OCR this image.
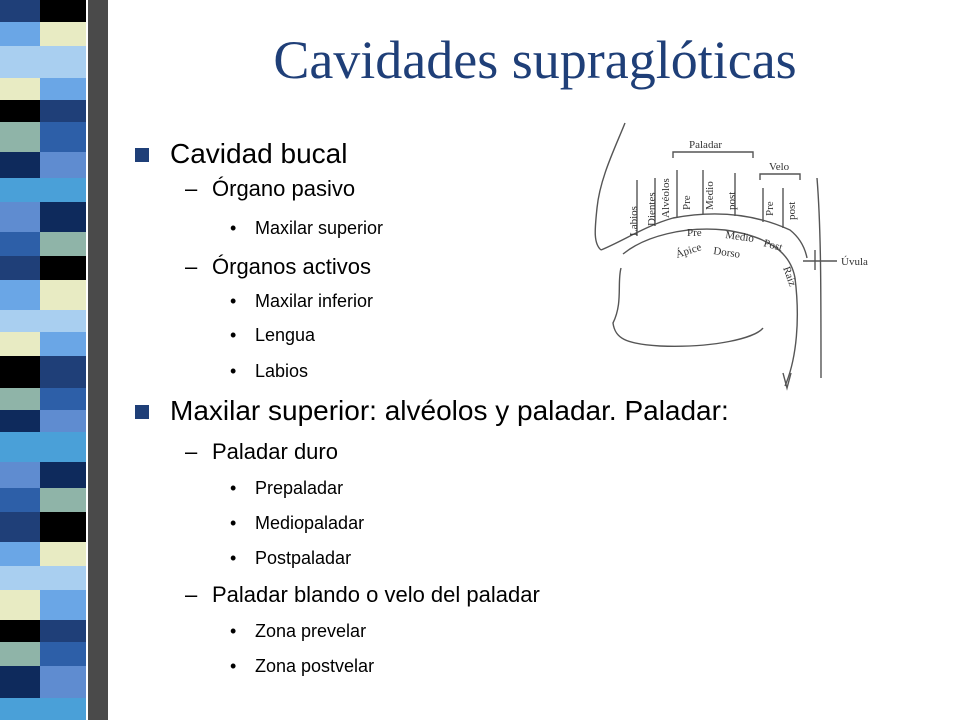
Cavidades supraglóticas
Cavidad bucal
– Órgano pasivo
• Maxilar superior
– Órganos activos
• Maxilar inferior
• Lengua
• Labios
Maxilar superior: alvéolos y paladar. Paladar:
– Paladar duro
• Prepaladar
• Mediopaladar
• Postpaladar
– Paladar blando o velo del paladar
• Zona prevelar
• Zona postvelar
Paladar
Velo
Labios Dientes Alvéolos Pre Medio post Pre post
Pre Medio
Post
Dorso
Ápice
Raíz
Úvula
